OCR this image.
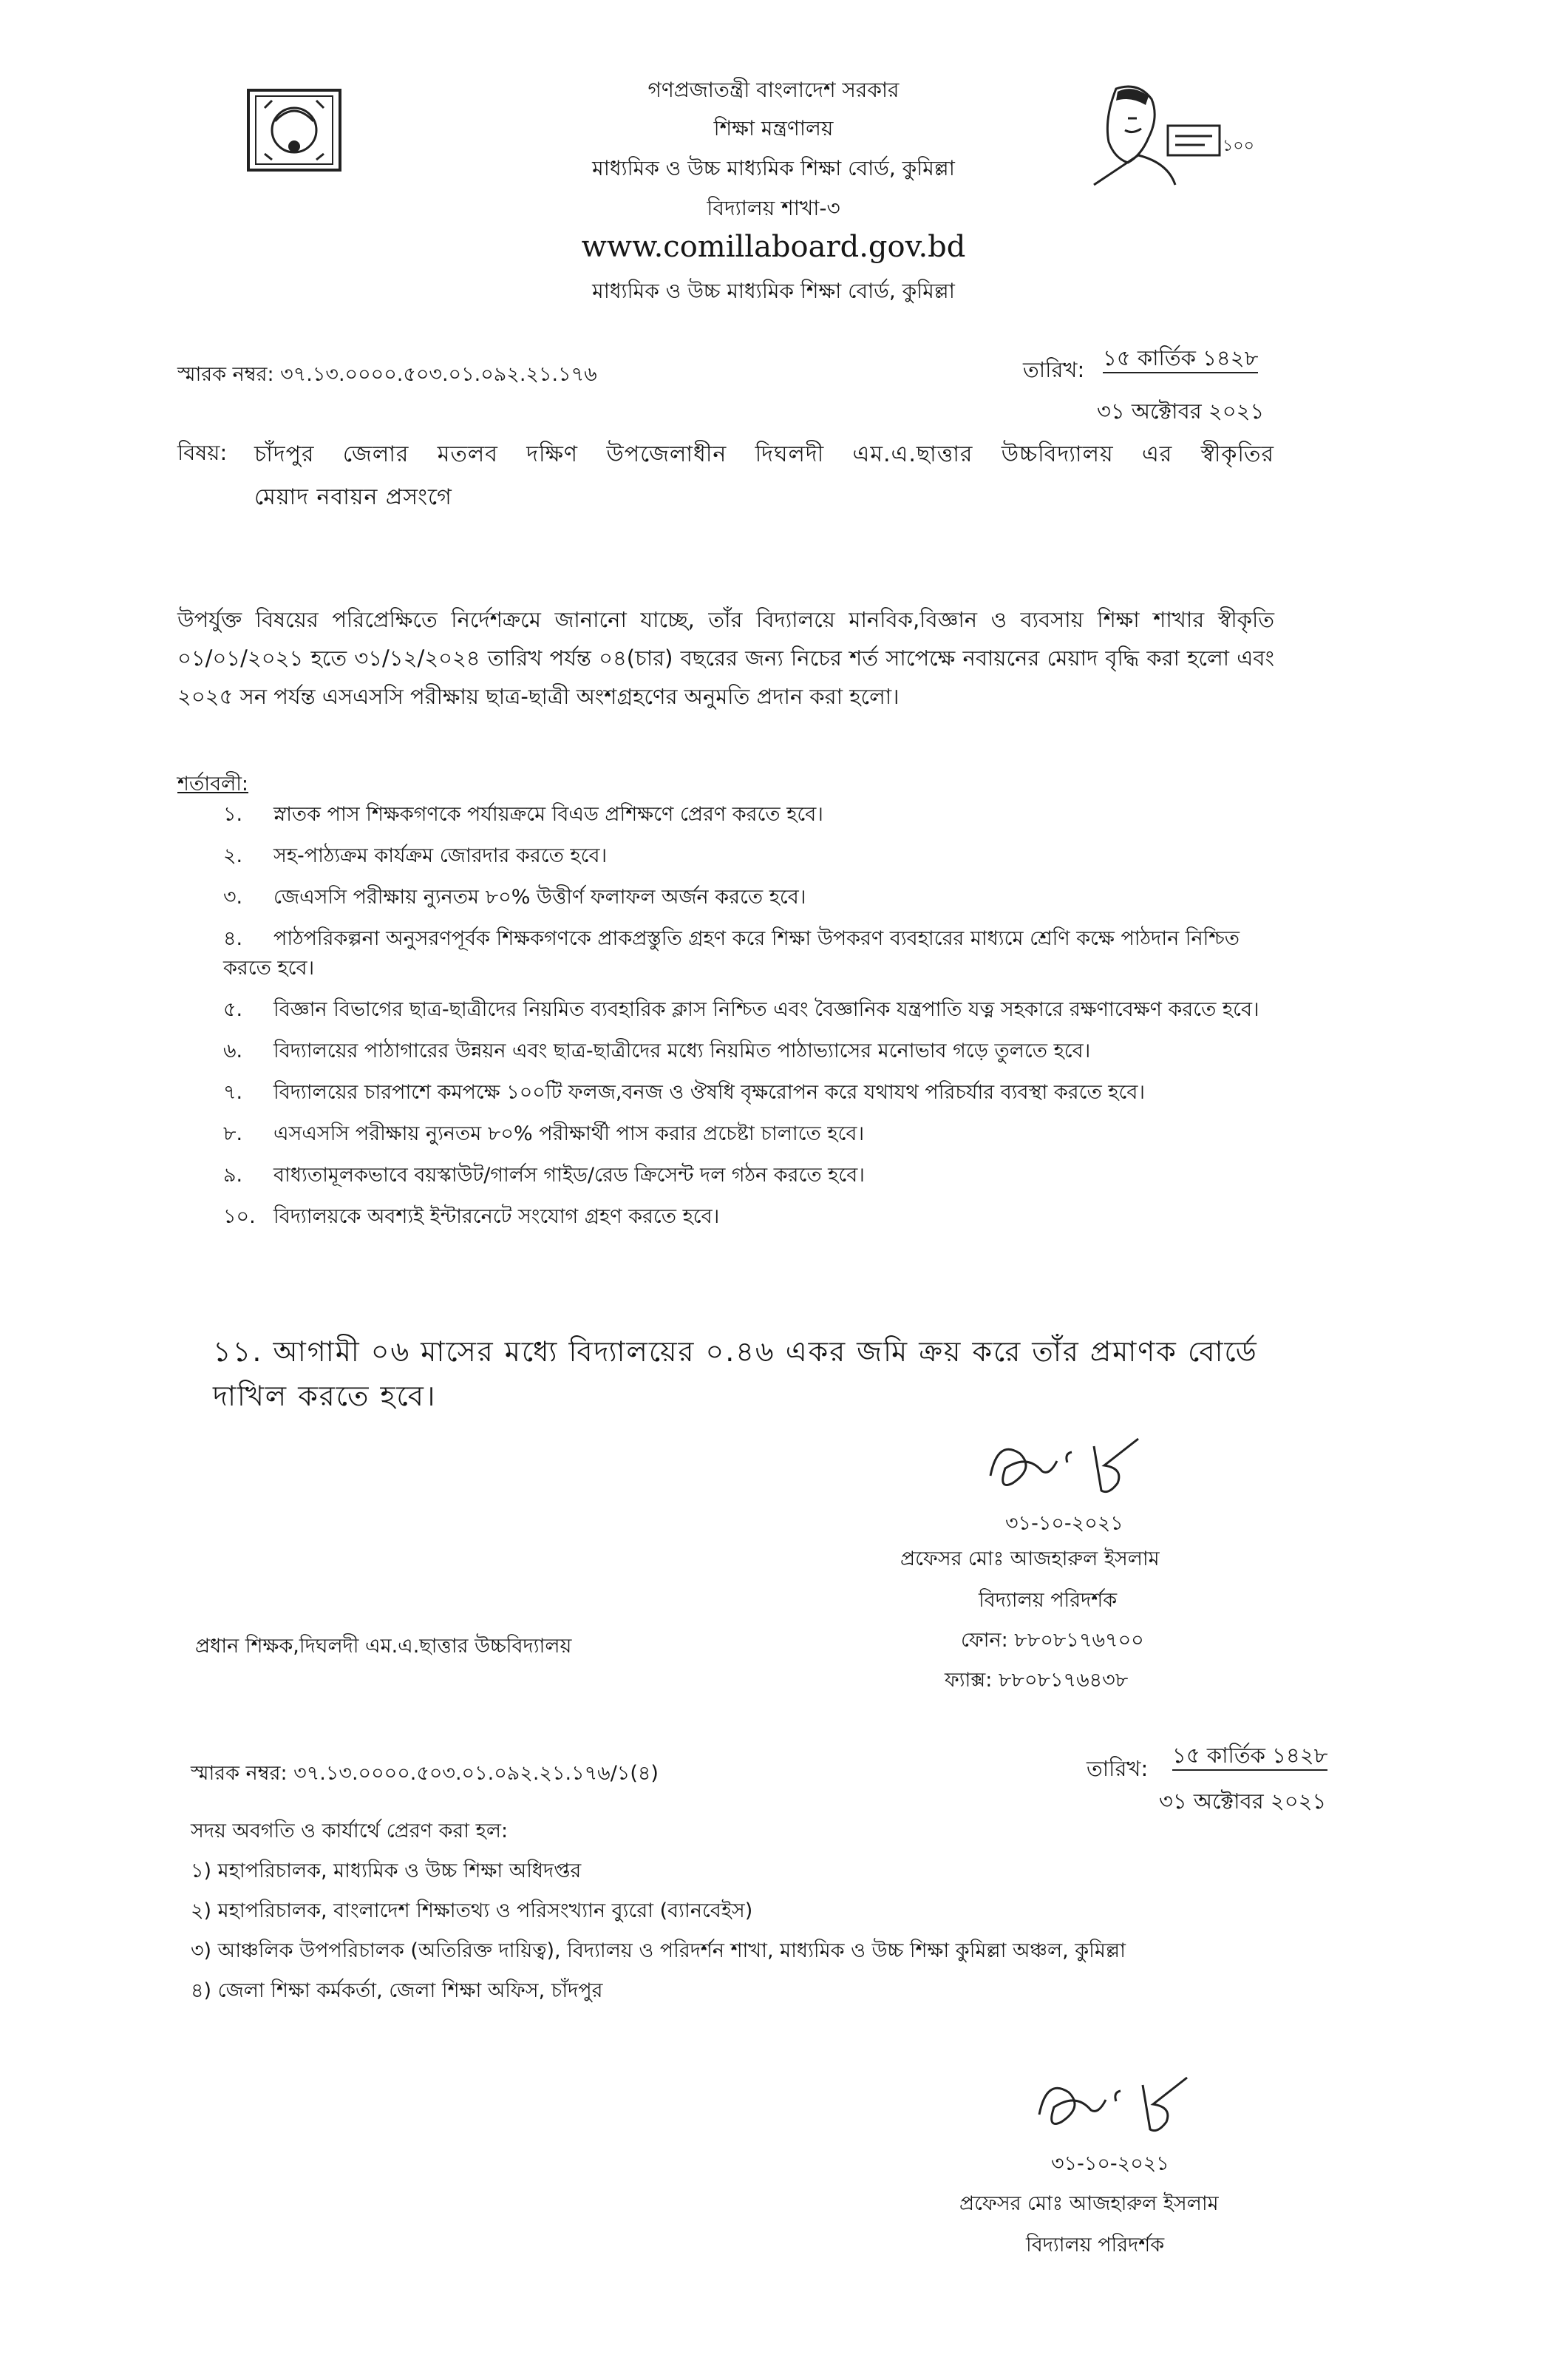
১০০
গণপ্রজাতন্ত্রী বাংলাদেশ সরকার
শিক্ষা মন্ত্রণালয়
মাধ্যমিক ও উচ্চ মাধ্যমিক শিক্ষা বোর্ড, কুমিল্লা
বিদ্যালয় শাখা-৩
www.comillaboard.gov.bd
মাধ্যমিক ও উচ্চ মাধ্যমিক শিক্ষা বোর্ড, কুমিল্লা
স্মারক নম্বর: ৩৭.১৩.০০০০.৫০৩.০১.০৯২.২১.১৭৬	তারিখ: ১৫ কার্তিক ১৪২৮
৩১ অক্টোবর ২০২১
বিষয়: চাঁদপুর জেলার মতলব দক্ষিণ উপজেলাধীন দিঘলদী এম.এ.ছাত্তার উচ্চবিদ্যালয় এর স্বীকৃতির
মেয়াদ নবায়ন প্রসংগে
উপর্যুক্ত বিষয়ের পরিপ্রেক্ষিতে নির্দেশক্রমে জানানো যাচ্ছে, তাঁর বিদ্যালয়ে মানবিক,বিজ্ঞান ও ব্যবসায় শিক্ষা শাখার স্বীকৃতি ০১/০১/২০২১ হতে ৩১/১২/২০২৪ তারিখ পর্যন্ত ০৪(চার) বছরের জন্য নিচের শর্ত সাপেক্ষে নবায়নের মেয়াদ বৃদ্ধি করা হলো এবং ২০২৫ সন পর্যন্ত এসএসসি পরীক্ষায় ছাত্র-ছাত্রী অংশগ্রহণের অনুমতি প্রদান করা হলো।
শর্তাবলী:
১. স্নাতক পাস শিক্ষকগণকে পর্যায়ক্রমে বিএড প্রশিক্ষণে প্রেরণ করতে হবে।
২. সহ-পাঠ্যক্রম কার্যক্রম জোরদার করতে হবে।
৩. জেএসসি পরীক্ষায় ন্যুনতম ৮০% উত্তীর্ণ ফলাফল অর্জন করতে হবে।
৪. পাঠপরিকল্পনা অনুসরণপূর্বক শিক্ষকগণকে প্রাকপ্রস্তুতি গ্রহণ করে শিক্ষা উপকরণ ব্যবহারের মাধ্যমে শ্রেণি কক্ষে পাঠদান নিশ্চিত করতে হবে।
৫. বিজ্ঞান বিভাগের ছাত্র-ছাত্রীদের নিয়মিত ব্যবহারিক ক্লাস নিশ্চিত এবং বৈজ্ঞানিক যন্ত্রপাতি যত্ন সহকারে রক্ষণাবেক্ষণ করতে হবে।
৬. বিদ্যালয়ের পাঠাগারের উন্নয়ন এবং ছাত্র-ছাত্রীদের মধ্যে নিয়মিত পাঠাভ্যাসের মনোভাব গড়ে তুলতে হবে।
৭. বিদ্যালয়ের চারপাশে কমপক্ষে ১০০টি ফলজ,বনজ ও ঔষধি বৃক্ষরোপন করে যথাযথ পরিচর্যার ব্যবস্থা করতে হবে।
৮. এসএসসি পরীক্ষায় ন্যুনতম ৮০% পরীক্ষার্থী পাস করার প্রচেষ্টা চালাতে হবে।
৯. বাধ্যতামূলকভাবে বয়স্কাউট/গার্লস গাইড/রেড ক্রিসেন্ট দল গঠন করতে হবে।
১০. বিদ্যালয়কে অবশ্যই ইন্টারনেটে সংযোগ গ্রহণ করতে হবে।
১১. আগামী ০৬ মাসের মধ্যে বিদ্যালয়ের ০.৪৬ একর জমি ক্রয় করে তাঁর প্রমাণক বোর্ডে দাখিল করতে হবে।
৩১-১০-২০২১
প্রফেসর মোঃ আজহারুল ইসলাম
বিদ্যালয় পরিদর্শক
ফোন: ৮৮০৮১৭৬৭০০
ফ্যাক্স: ৮৮০৮১৭৬৪৩৮
প্রধান শিক্ষক,দিঘলদী এম.এ.ছাত্তার উচ্চবিদ্যালয়
স্মারক নম্বর: ৩৭.১৩.০০০০.৫০৩.০১.০৯২.২১.১৭৬/১(৪)	তারিখ:
১৫ কার্তিক ১৪২৮
৩১ অক্টোবর ২০২১
সদয় অবগতি ও কার্যার্থে প্রেরণ করা হল:
১) মহাপরিচালক, মাধ্যমিক ও উচ্চ শিক্ষা অধিদপ্তর
২) মহাপরিচালক, বাংলাদেশ শিক্ষাতথ্য ও পরিসংখ্যান ব্যুরো (ব্যানবেইস)
৩) আঞ্চলিক উপপরিচালক (অতিরিক্ত দায়িত্ব), বিদ্যালয় ও পরিদর্শন শাখা, মাধ্যমিক ও উচ্চ শিক্ষা কুমিল্লা অঞ্চল, কুমিল্লা
৪) জেলা শিক্ষা কর্মকর্তা, জেলা শিক্ষা অফিস, চাঁদপুর
৩১-১০-২০২১
প্রফেসর মোঃ আজহারুল ইসলাম
বিদ্যালয় পরিদর্শক
